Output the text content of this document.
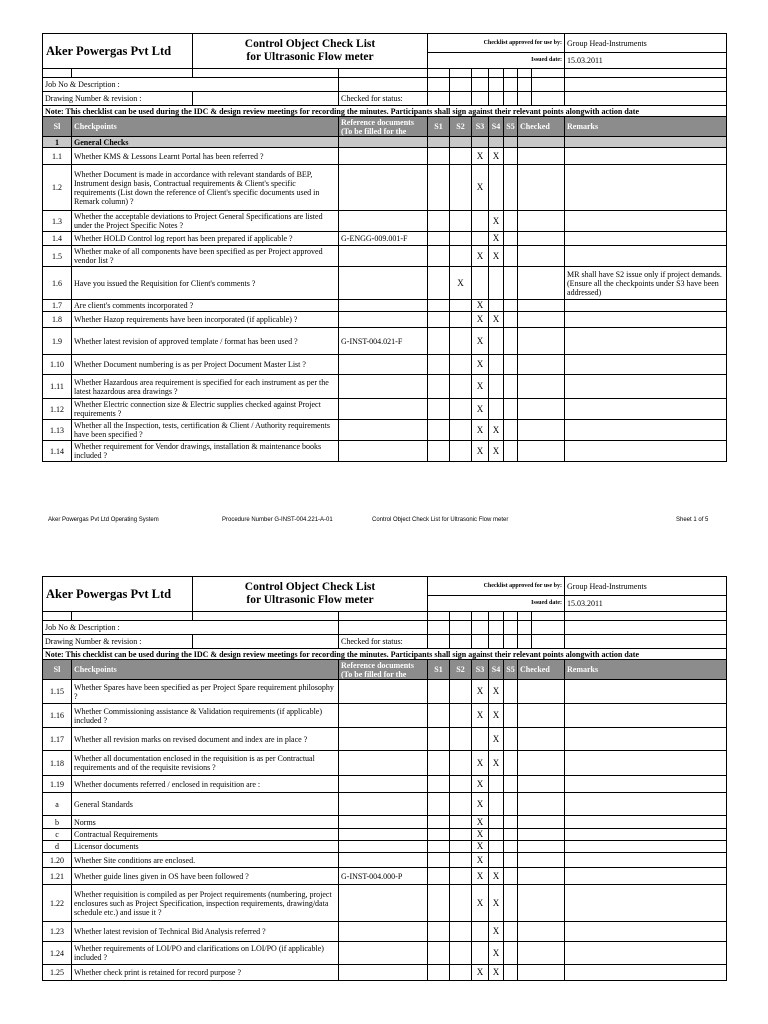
Aker Powergas Pvt Ltd		Control Object Check List
for Ultrasonic Flow meter		Checklist approved for use by:							Group Head-Instruments
				Issued date:							15.03.2011

Job No & Description :											
Drawing Number & revision :			Checked for status:								
Note: This checklist can be used during the IDC & design review meetings for recording the minutes. Participants shall sign against their relevant points alongwith action date											
Sl	Checkpoints		Reference documents (To be filled for the	S1	S2	S3	S4	S5	Checked		Remarks
1	General Checks										
1.1	Whether KMS & Lessons Learnt Portal has been referred ?					X	X				
1.2	Whether Document is made in accordance with relevant standards of BEP, Instrument design basis, Contractual requirements & Client's specific requirements (List down the reference of Client's specific documents used in Remark column) ?					X					
1.3	Whether the acceptable deviations to Project General Specifications are listed under the Project Specific Notes ?						X				
1.4	Whether HOLD Control log report has been prepared if applicable ?		G-ENGG-009.001-F				X				
1.5	Whether make of all components have been specified as per Project approved vendor list ?					X	X				
1.6	Have you issued the Requisition for Client's comments ?				X						MR shall have S2 issue only if project demands. (Ensure all the checkpoints under S3 have been addressed)
1.7	Are client's comments incorporated ?					X					
1.8	Whether Hazop requirements have been incorporated (if applicable) ?					X	X				
1.9	Whether latest revision of approved template / format has been used ?		G-INST-004.021-F			X					
1.10	Whether Document numbering is as per Project Document Master List ?					X					
1.11	Whether Hazardous area requirement is specified for each instrument as per the latest hazardous area drawings ?					X					
1.12	Whether Electric connection size & Electric supplies checked against Project requirements ?					X					
1.13	Whether all the Inspection, tests, certification & Client / Authority requirements have been specified ?					X	X				
1.14	Whether requirement for Vendor drawings, installation & maintenance books included ?					X	X				
Aker Powergas Pvt Ltd Operating System	Procedure Number G-INST-004.221-A-01	Control Object Check List for Ultrasonic Flow meter	Sheet 1 of 5
Aker Powergas Pvt Ltd		Control Object Check List
for Ultrasonic Flow meter		Checklist approved for use by:							Group Head-Instruments
				Issued date:							15.03.2011

Job No & Description :											
Drawing Number & revision :			Checked for status:								
Note: This checklist can be used during the IDC & design review meetings for recording the minutes. Participants shall sign against their relevant points alongwith action date											
Sl	Checkpoints		Reference documents (To be filled for the	S1	S2	S3	S4	S5	Checked		Remarks
1.15	Whether Spares have been specified as per Project Spare requirement philosophy ?					X	X				
1.16	Whether Commissioning assistance & Validation requirements (if applicable) included ?					X	X				
1.17	Whether all revision marks on revised document and index are in place ?						X				
1.18	Whether all documentation enclosed in the requisition is as per Contractual requirements and of the requisite revisions ?					X	X				
1.19	Whether documents referred / enclosed in requisition are :					X					
a	General Standards					X					
b	Norms					X					
c	Contractual Requirements					X					
d	Licensor documents					X					
1.20	Whether Site conditions are enclosed.					X					
1.21	Whether guide lines given in OS have been followed ?		G-INST-004.000-P			X	X				
1.22	Whether requisition is compiled as per Project requirements (numbering, project enclosures such as Project Specification, inspection requirements, drawing/data schedule etc.) and issue it ?					X	X				
1.23	Whether latest revision of Technical Bid Analysis referred ?						X				
1.24	Whether requirements of LOI/PO and clarifications on LOI/PO (if applicable) included ?						X				
1.25	Whether check print is retained for record purpose ?					X	X				
